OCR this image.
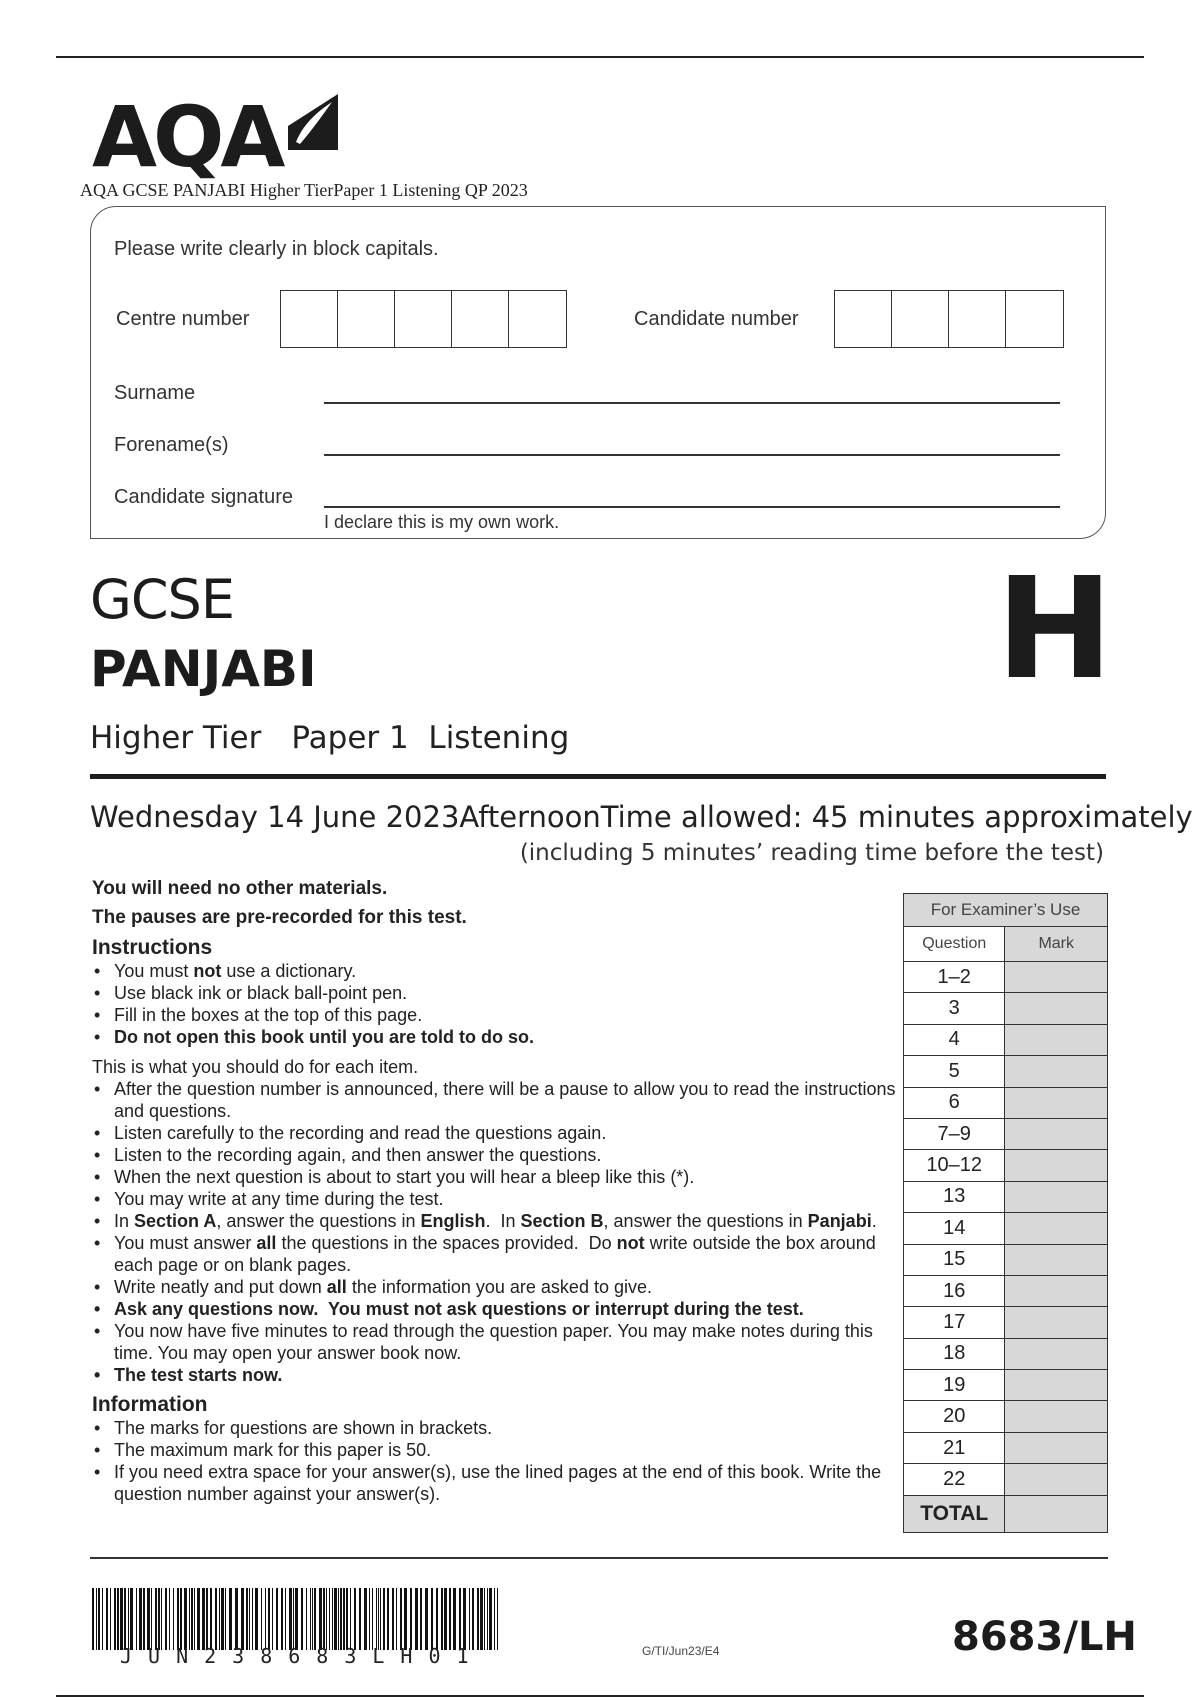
AQA
AQA GCSE PANJABI Higher TierPaper 1 Listening QP 2023
Please write clearly in block capitals.
Centre number	Candidate number
Surname
Forename(s)
Candidate signature
I declare this is my own work.
GCSE
PANJABI	H
Higher Tier Paper 1  Listening
Wednesday 14 June 2023 Afternoon Time allowed: 45 minutes approximately
(including 5 minutes’ reading time before the test)
You will need no other materials.
The pauses are pre-recorded for this test.
Instructions
• You must not use a dictionary.
• Use black ink or black ball-point pen.
• Fill in the boxes at the top of this page.
• Do not open this book until you are told to do so.
This is what you should do for each item.
• After the question number is announced, there will be a pause to allow you to read the instructions and questions.
• Listen carefully to the recording and read the questions again.
• Listen to the recording again, and then answer the questions.
• When the next question is about to start you will hear a bleep like this (*).
• You may write at any time during the test.
• In Section A, answer the questions in English.  In Section B, answer the questions in Panjabi.
• You must answer all the questions in the spaces provided.  Do not write outside the box around each page or on blank pages.
• Write neatly and put down all the information you are asked to give.
• Ask any questions now.  You must not ask questions or interrupt during the test.
• You now have five minutes to read through the question paper. You may make notes during this time. You may open your answer book now.
• The test starts now.
Information
• The marks for questions are shown in brackets.
• The maximum mark for this paper is 50.
• If you need extra space for your answer(s), use the lined pages at the end of this book. Write the question number against your answer(s).
For Examiner’s Use	
Question	Mark
1–2	
3	
4	
5	
6	
7–9	
10–12	
13	
14	
15	
16	
17	
18	
19	
20	
21	
22	
TOTAL	
JUN238683LH01	G/TI/Jun23/E4	8683/LH
